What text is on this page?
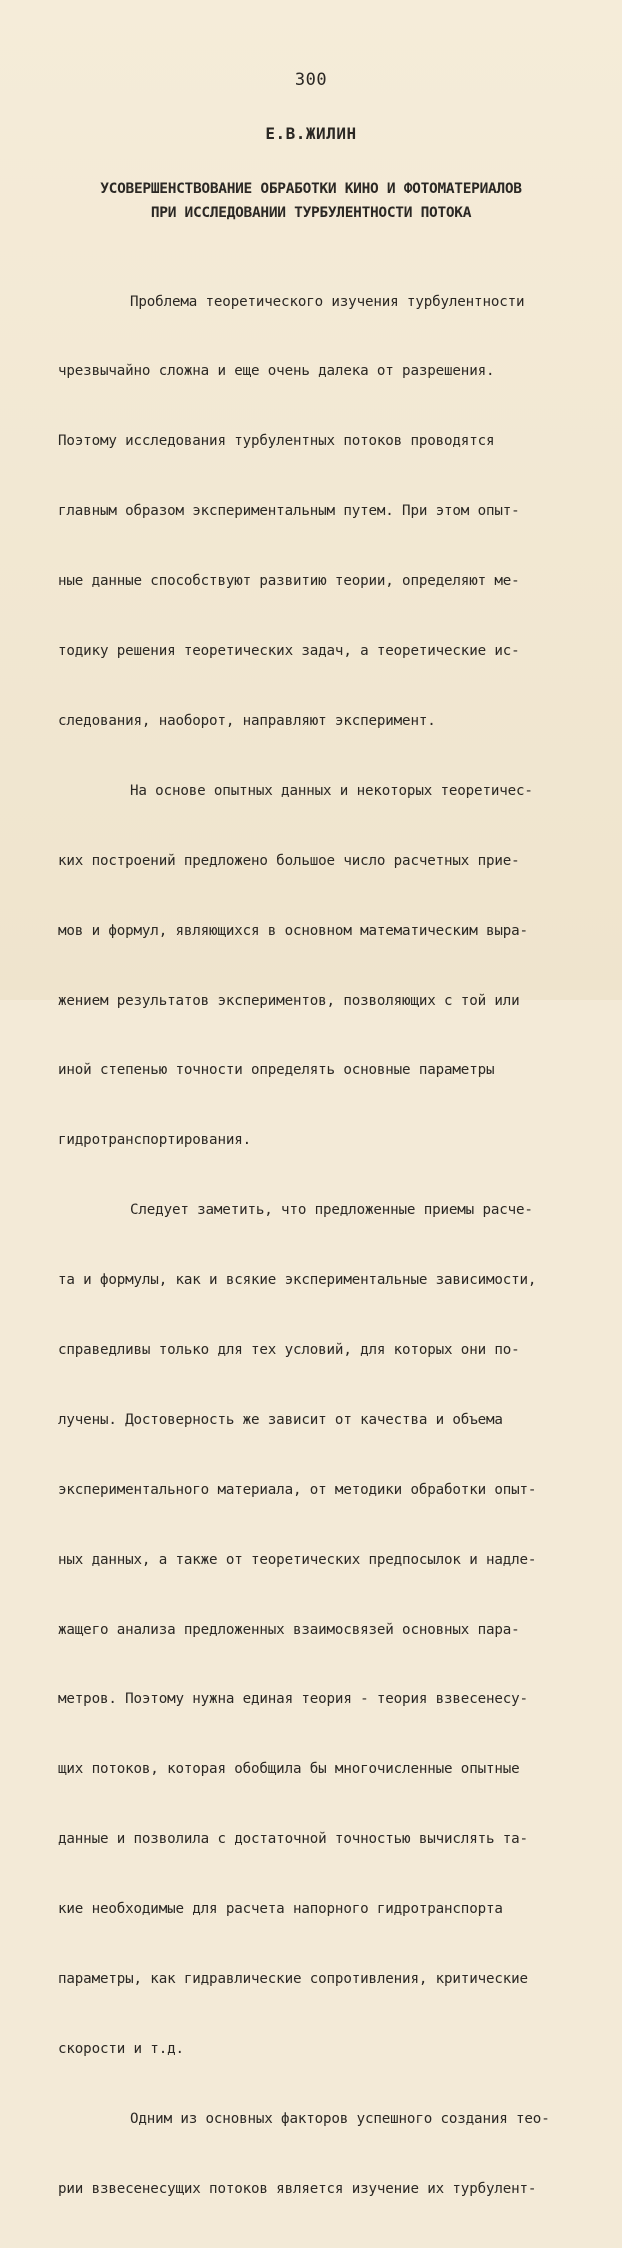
300
Е.В.ЖИЛИН
УСОВЕРШЕНСТВОВАНИЕ ОБРАБОТКИ КИНО И ФОТОМАТЕРИАЛОВ
ПРИ ИССЛЕДОВАНИИ ТУРБУЛЕНТНОСТИ ПОТОКА

Проблема теоретического изучения турбулентности

чрезвычайно сложна и еще очень далека от разрешения.

Поэтому исследования турбулентных потоков проводятся

главным образом экспериментальным путем. При этом опыт-

ные данные способствуют развитию теории, определяют ме-

тодику решения теоретических задач, а теоретические ис-

следования, наоборот, направляют эксперимент.

На основе опытных данных и некоторых теоретичес-

ких построений предложено большое число расчетных прие-

мов и формул, являющихся в основном математическим выра-

жением результатов экспериментов, позволяющих с той или

иной степенью точности определять основные параметры

гидротранспортирования.

Следует заметить, что предложенные приемы расче-

та и формулы, как и всякие экспериментальные зависимости,

справедливы только для тех условий, для которых они по-

лучены. Достоверность же зависит от качества и объема

экспериментального материала, от методики обработки опыт-

ных данных, а также от теоретических предпосылок и надле-

жащего анализа предложенных взаимосвязей основных пара-

метров. Поэтому нужна единая теория - теория взвесенесу-

щих потоков, которая обобщила бы многочисленные опытные

данные и позволила с достаточной точностью вычислять та-

кие необходимые для расчета напорного гидротранспорта

параметры, как гидравлические сопротивления, критические

скорости и т.д.

Одним из основных факторов успешного создания тео-

рии взвесенесущих потоков является изучение их турбулент-
